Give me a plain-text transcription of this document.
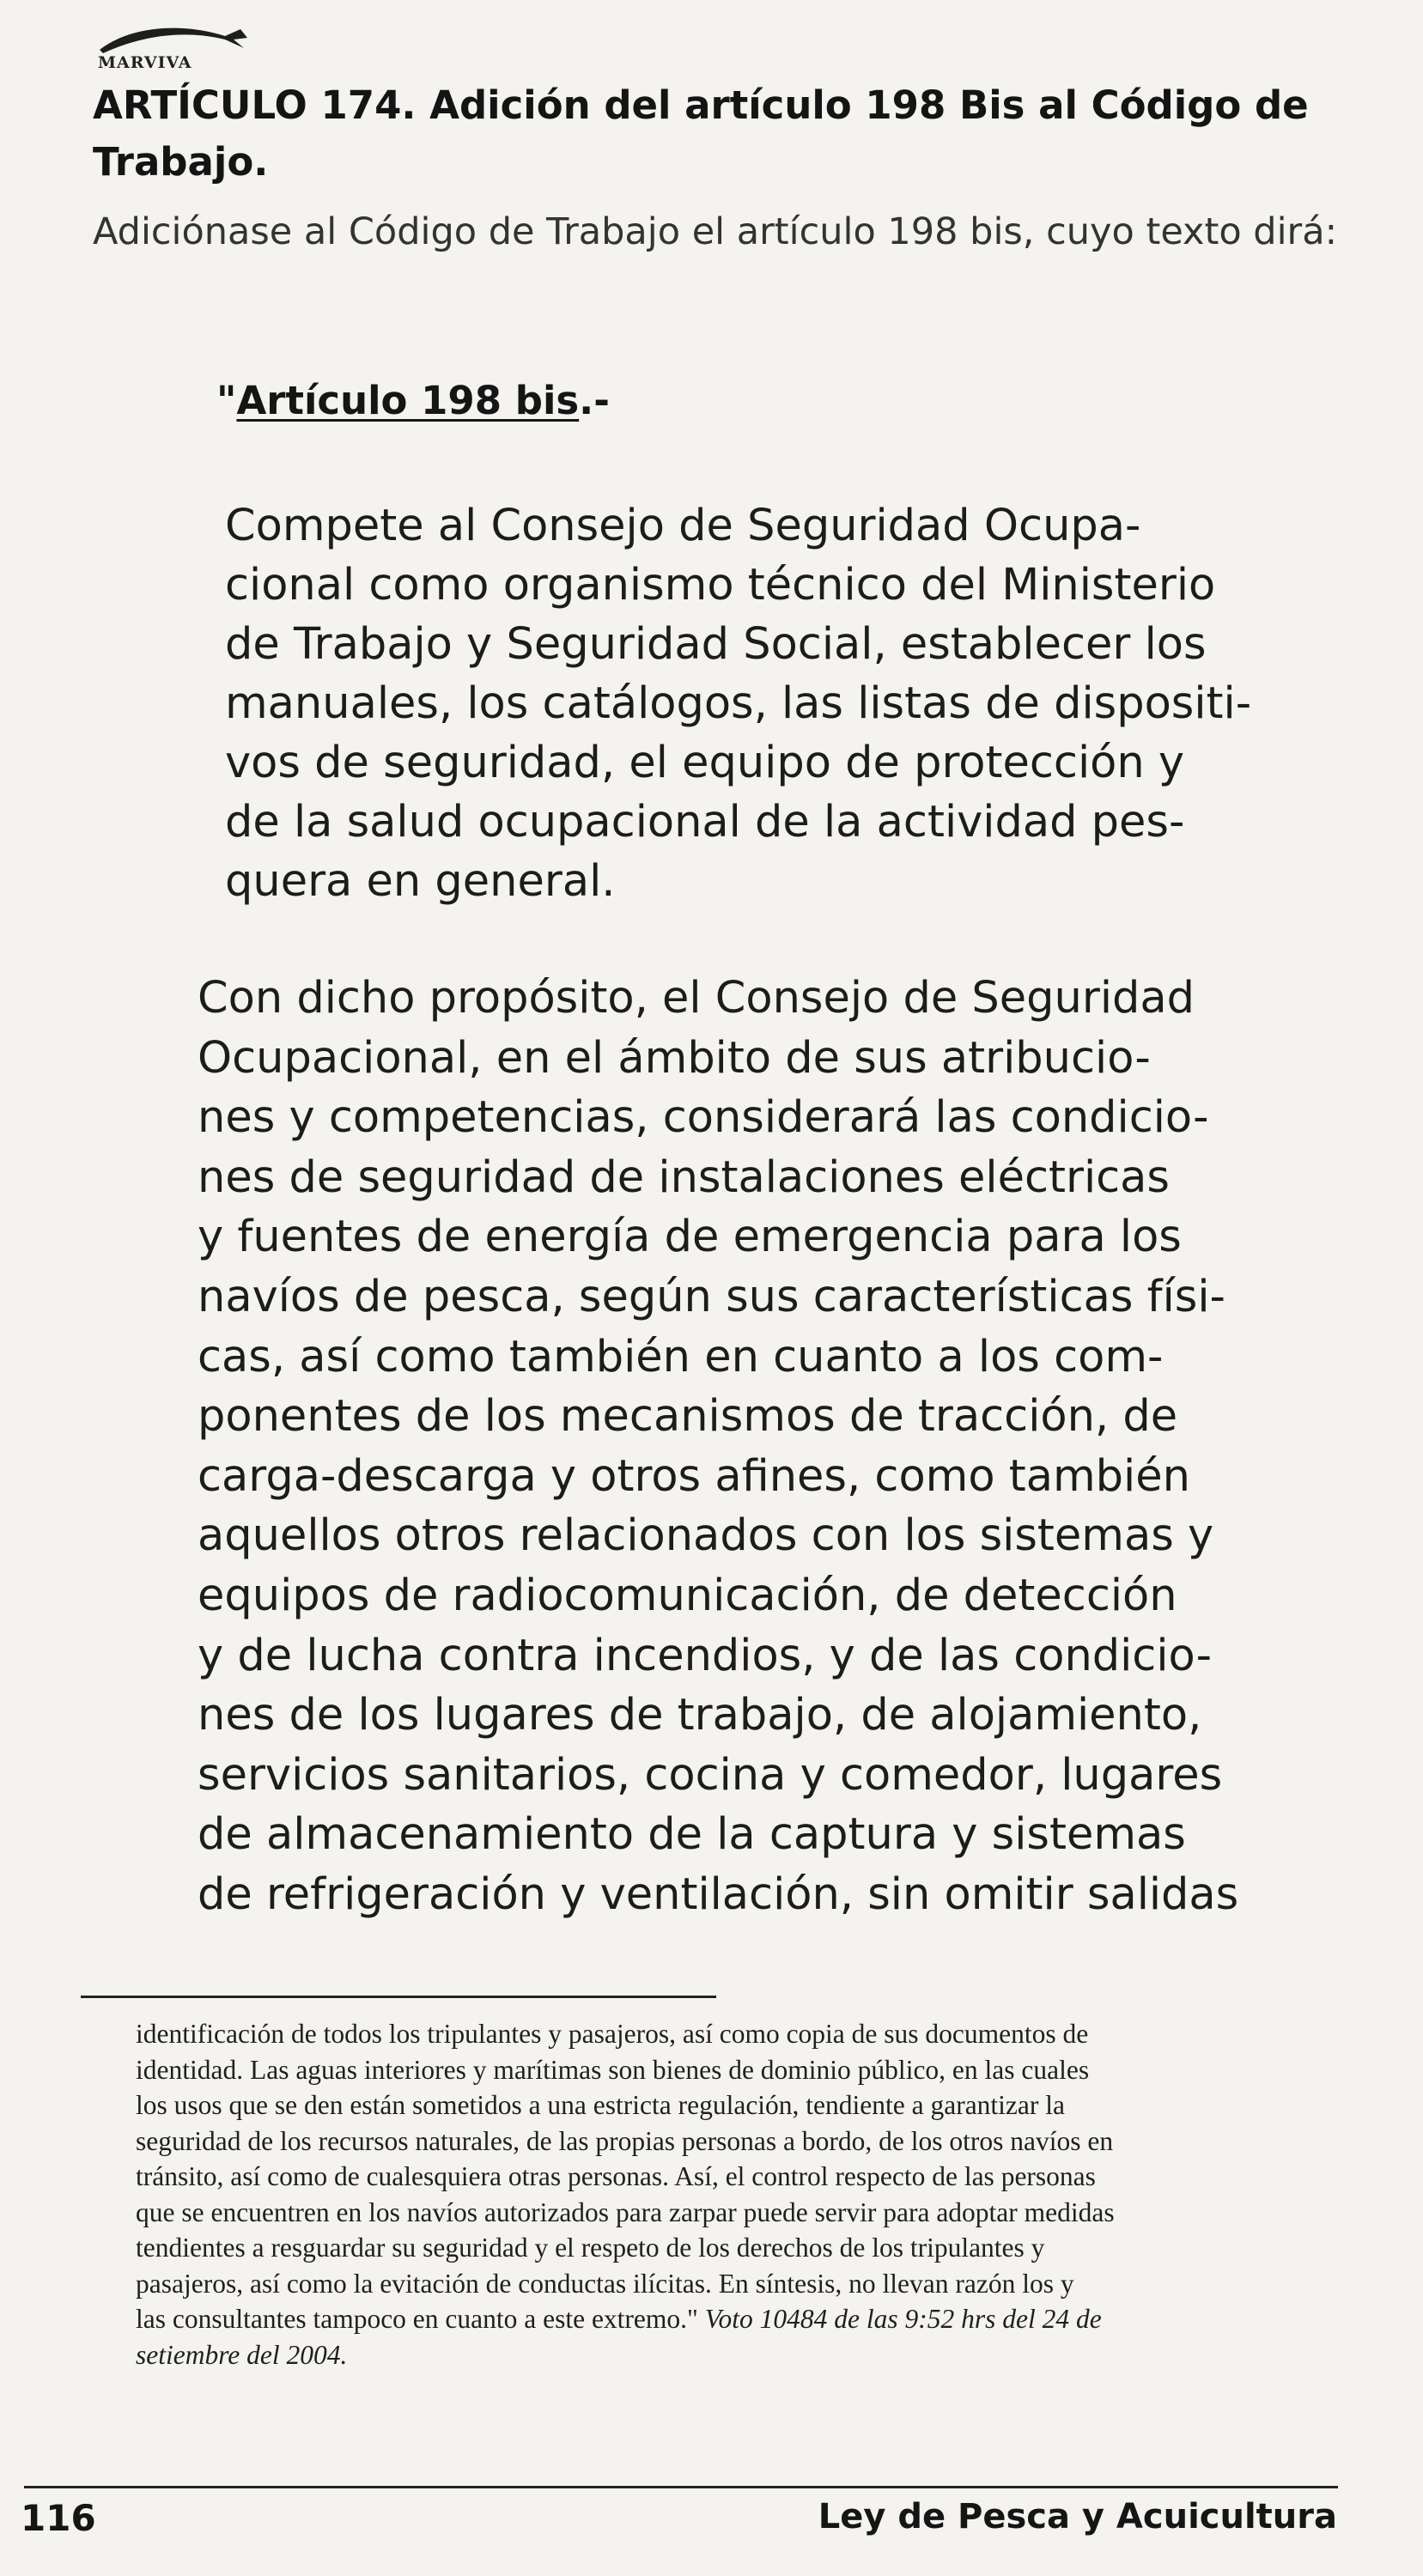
MARVIVA
ARTÍCULO 174. Adición del artículo 198 Bis al Código de Trabajo.
Adiciónase al Código de Trabajo el artículo 198 bis, cuyo texto dirá:
"Artículo 198 bis.-
Compete al Consejo de Seguridad Ocupa-
cional como organismo técnico del Ministerio
de Trabajo y Seguridad Social, establecer los
manuales, los catálogos, las listas de dispositi-
vos de seguridad, el equipo de protección y
de la salud ocupacional de la actividad pes-
quera en general.
Con dicho propósito, el Consejo de Seguridad
Ocupacional, en el ámbito de sus atribucio-
nes y competencias, considerará las condicio-
nes de seguridad de instalaciones eléctricas
y fuentes de energía de emergencia para los
navíos de pesca, según sus características físi-
cas, así como también en cuanto a los com-
ponentes de los mecanismos de tracción, de
carga-descarga y otros afines, como también
aquellos otros relacionados con los sistemas y
equipos de radiocomunicación, de detección
y de lucha contra incendios, y de las condicio-
nes de los lugares de trabajo, de alojamiento,
servicios sanitarios, cocina y comedor, lugares
de almacenamiento de la captura y sistemas
de refrigeración y ventilación, sin omitir salidas
identificación de todos los tripulantes y pasajeros, así como copia de sus documentos de
identidad. Las aguas interiores y marítimas son bienes de dominio público, en las cuales
los usos que se den están sometidos a una estricta regulación, tendiente a garantizar la
seguridad de los recursos naturales, de las propias personas a bordo, de los otros navíos en
tránsito, así como de cualesquiera otras personas. Así, el control respecto de las personas
que se encuentren en los navíos autorizados para zarpar puede servir para adoptar medidas
tendientes a resguardar su seguridad y el respeto de los derechos de los tripulantes y
pasajeros, así como la evitación de conductas ilícitas. En síntesis, no llevan razón los y
las consultantes tampoco en cuanto a este extremo." Voto 10484 de las 9:52 hrs del 24 de
setiembre del 2004.
116	Ley de Pesca y Acuicultura
